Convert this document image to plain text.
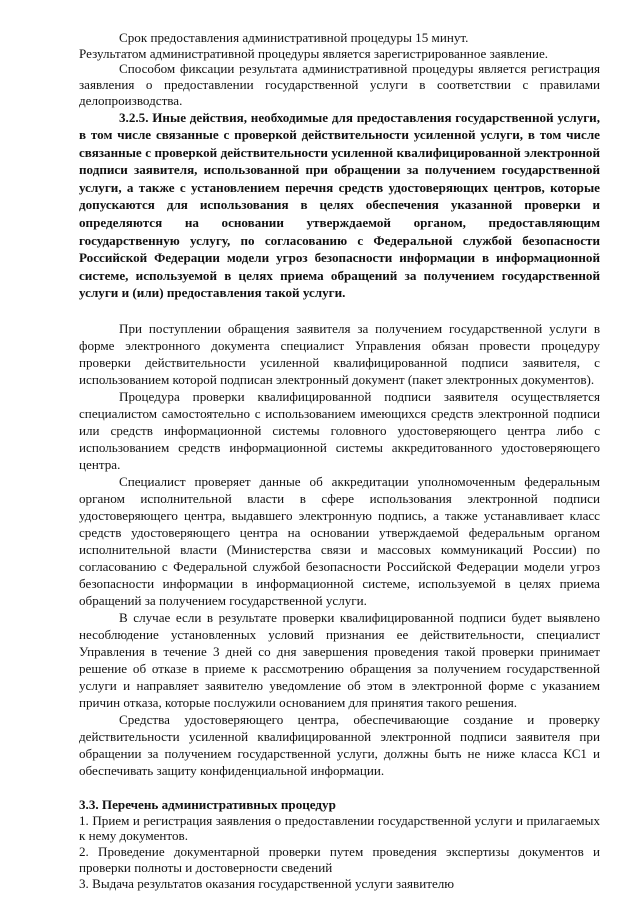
Срок предоставления административной процедуры 15 минут.

Результатом административной процедуры является зарегистрированное заявление.

Способом фиксации результата административной процедуры является регистрация заявления о предоставлении государственной услуги в соответствии с правилами делопроизводства.

3.2.5. Иные действия, необходимые для предоставления государственной услуги, в том числе связанные с проверкой действительности усиленной услуги, в том числе связанные с проверкой действительности усиленной квалифицированной электронной подписи заявителя, использованной при обращении за получением государственной услуги, а также с установлением перечня средств удостоверяющих центров, которые допускаются для использования в целях обеспечения указанной проверки и определяются на основании утверждаемой органом, предоставляющим государственную услугу, по согласованию с Федеральной службой безопасности Российской Федерации модели угроз безопасности информации в информационной системе, используемой в целях приема обращений за получением государственной услуги и (или) предоставления такой услуги.

При поступлении обращения заявителя за получением государственной услуги в форме электронного документа специалист Управления обязан провести процедуру проверки действительности усиленной квалифицированной подписи заявителя, с использованием которой подписан электронный документ (пакет электронных документов).

Процедура проверки квалифицированной подписи заявителя осуществляется специалистом самостоятельно с использованием имеющихся средств электронной подписи или средств информационной системы головного удостоверяющего центра либо с использованием средств информационной системы аккредитованного удостоверяющего центра.

Специалист проверяет данные об аккредитации уполномоченным федеральным органом исполнительной власти в сфере использования электронной подписи удостоверяющего центра, выдавшего электронную подпись, а также устанавливает класс средств удостоверяющего центра на основании утверждаемой федеральным органом исполнительной власти (Министерства связи и массовых коммуникаций России) по согласованию с Федеральной службой безопасности Российской Федерации модели угроз безопасности информации в информационной системе, используемой в целях приема обращений за получением государственной услуги.

В случае если в результате проверки квалифицированной подписи будет выявлено несоблюдение установленных условий признания ее действительности, специалист Управления в течение 3 дней со дня завершения проведения такой проверки принимает решение об отказе в приеме к рассмотрению обращения за получением государственной услуги и направляет заявителю уведомление об этом в электронной форме с указанием причин отказа, которые послужили основанием для принятия такого решения.

Средства удостоверяющего центра, обеспечивающие создание и проверку действительности усиленной квалифицированной электронной подписи заявителя при обращении за получением государственной услуги, должны быть не ниже класса КС1 и обеспечивать защиту конфиденциальной информации.

3.3. Перечень административных процедур

1. Прием и регистрация заявления о предоставлении государственной услуги и прилагаемых к нему документов.

2. Проведение документарной проверки путем проведения экспертизы документов и проверки полноты и достоверности сведений

3. Выдача результатов оказания государственной услуги заявителю
